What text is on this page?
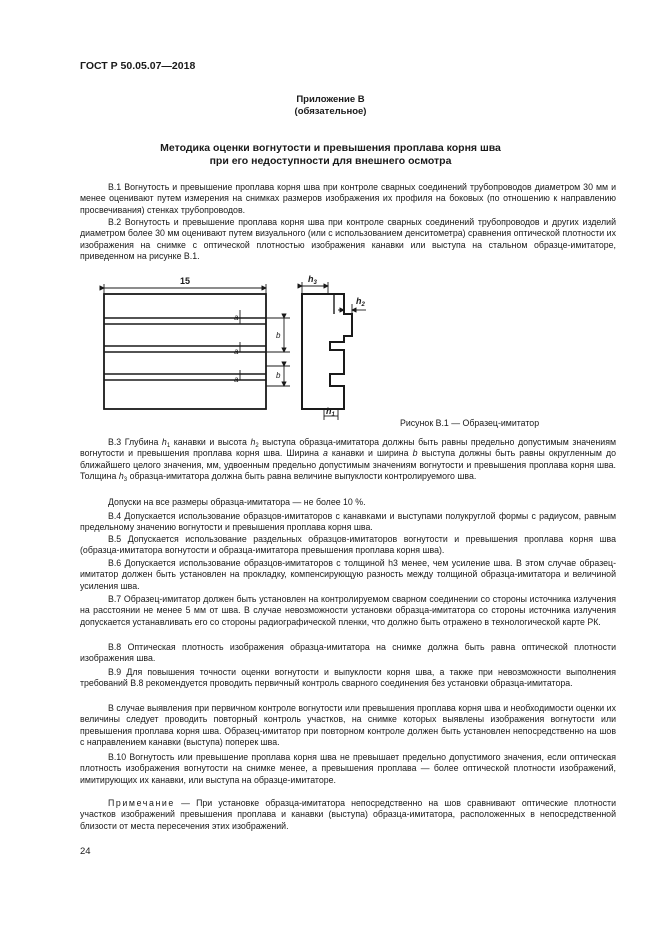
ГОСТ Р 50.05.07—2018
Приложение В
(обязательное)
Методика оценки вогнутости и превышения проплава корня шва
при его недоступности для внешнего осмотра

В.1 Вогнутость и превышение проплава корня шва при контроле сварных соединений трубопроводов диаметром 30 мм и менее оценивают путем измерения на снимках размеров изображения их профиля на боковых (по отношению к направлению просвечивания) стенках трубопроводов.

В.2 Вогнутость и превышение проплава корня шва при контроле сварных соединений трубопроводов и других изделий диаметром более 30 мм оценивают путем визуального (или с использованием денситометра) сравнения оптической плотности их изображения на снимке с оптической плотностью изображения канавки или выступа на стальном образце-имитаторе, приведенном на рисунке В.1.

15	$h_3$
$h_2$
$h_1$
a
a
a
b
b
Рисунок В.1 — Образец-имитатор

В.3 Глубина $h_1$ канавки и высота $h_2$ выступа образца-имитатора должны быть равны предельно допустимым значениям вогнутости и превышения проплава корня шва. Ширина a канавки и ширина b выступа должны быть равны округленным до ближайшего целого значения, мм, удвоенным предельно допустимым значениям вогнутости и превышения проплава корня шва. Толщина $h_3$ образца-имитатора должна быть равна величине выпуклости контролируемого шва.

Допуски на все размеры образца-имитатора — не более 10 %.

В.4 Допускается использование образцов-имитаторов с канавками и выступами полукруглой формы с радиусом, равным предельному значению вогнутости и превышения проплава корня шва.

В.5 Допускается использование раздельных образцов-имитаторов вогнутости и превышения проплава корня шва (образца-имитатора вогнутости и образца-имитатора превышения проплава корня шва).

В.6 Допускается использование образцов-имитаторов с толщиной h3 менее, чем усиление шва. В этом случае образец-имитатор должен быть установлен на прокладку, компенсирующую разность между толщиной образца-имитатора и величиной усиления шва.

В.7 Образец-имитатор должен быть установлен на контролируемом сварном соединении со стороны источника излучения на расстоянии не менее 5 мм от шва. В случае невозможности установки образца-имитатора со стороны источника излучения допускается устанавливать его со стороны радиографической пленки, что должно быть отражено в технологической карте РК.

В.8 Оптическая плотность изображения образца-имитатора на снимке должна быть равна оптической плотности изображения шва.

В.9 Для повышения точности оценки вогнутости и выпуклости корня шва, а также при невозможности выполнения требований В.8 рекомендуется проводить первичный контроль сварного соединения без установки образца-имитатора.

В случае выявления при первичном контроле вогнутости или превышения проплава корня шва и необходимости оценки их величины следует проводить повторный контроль участков, на снимке которых выявлены изображения вогнутости или превышения проплава корня шва. Образец-имитатор при повторном контроле должен быть установлен непосредственно на шов с направлением канавки (выступа) поперек шва.

В.10 Вогнутость или превышение проплава корня шва не превышает предельно допустимого значения, если оптическая плотность изображения вогнутости на снимке менее, а превышения проплава — более оптической плотности изображений, имитирующих их канавки, или выступа на образце-имитаторе.

Примечание — При установке образца-имитатора непосредственно на шов сравнивают оптические плотности участков изображений превышения проплава и канавки (выступа) образца-имитатора, расположенных в непосредственной близости от места пересечения этих изображений.

24
